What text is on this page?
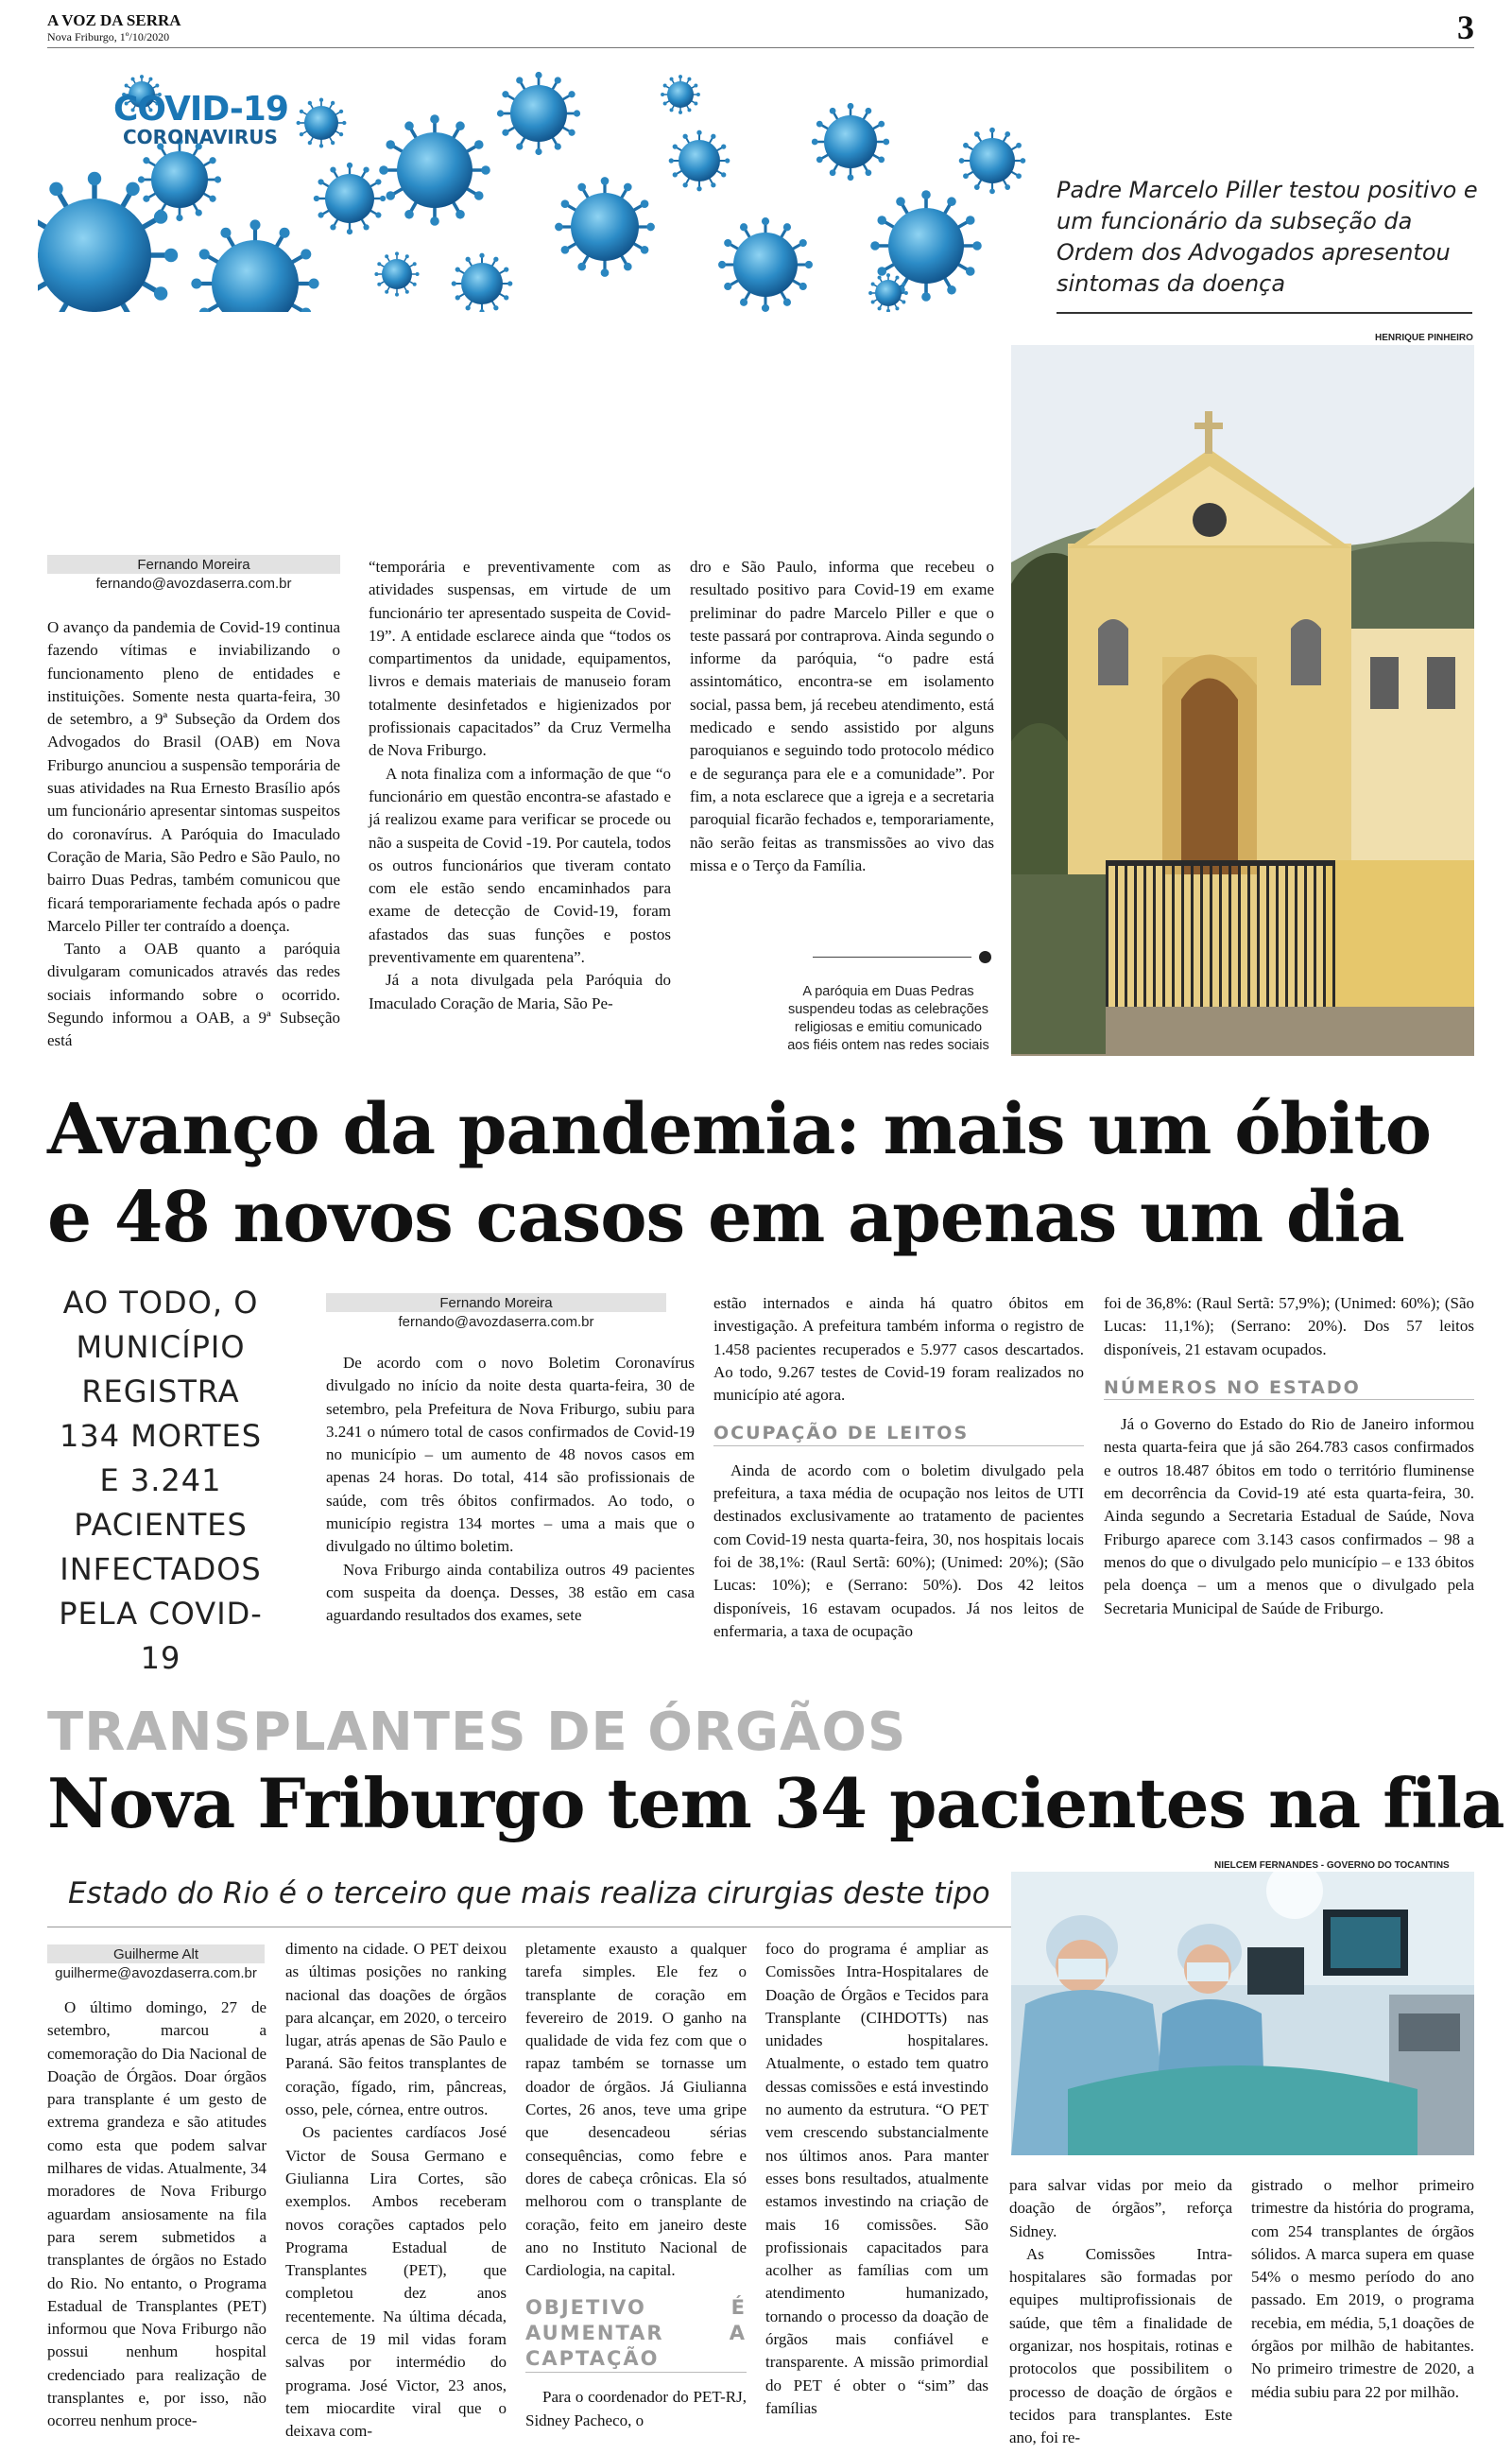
A VOZ DA SERRA
Nova Friburgo, 1º/10/2020	3
COVID-19
CORONAVIRUS
Padre Marcelo Piller testou positivo e um funcionário da subseção da Ordem dos Advogados apresentou sintomas da doença
HENRIQUE PINHEIRO
Fernando Moreira
fernando@avozdaserra.com.br

O avanço da pandemia de Covid-19 continua fazendo vítimas e inviabilizando o funcionamento pleno de entidades e instituições. Somente nesta quarta-feira, 30 de setembro, a 9ª Subseção da Ordem dos Advogados do Brasil (OAB) em Nova Friburgo anunciou a suspensão temporária de suas atividades na Rua Ernesto Brasílio após um funcionário apresentar sintomas suspeitos do coronavírus. A Paróquia do Imaculado Coração de Maria, São Pedro e São Paulo, no bairro Duas Pedras, também comunicou que ficará temporariamente fechada após o padre Marcelo Piller ter contraído a doença.

Tanto a OAB quanto a paróquia divulgaram comunicados através das redes sociais informando sobre o ocorrido. Segundo informou a OAB, a 9ª Subseção está

“temporária e preventivamente com as atividades suspensas, em virtude de um funcionário ter apresentado suspeita de Covid-19”. A entidade esclarece ainda que “todos os compartimentos da unidade, equipamentos, livros e demais materiais de manuseio foram totalmente desinfetados e higienizados por profissionais capacitados” da Cruz Vermelha de Nova Friburgo.

A nota finaliza com a informação de que “o funcionário em questão encontra-se afastado e já realizou exame para verificar se procede ou não a suspeita de Covid -19. Por cautela, todos os outros funcionários que tiveram contato com ele estão sendo encaminhados para exame de detecção de Covid-19, foram afastados das suas funções e postos preventivamente em quarentena”.

Já a nota divulgada pela Paróquia do Imaculado Coração de Maria, São Pe-

dro e São Paulo, informa que recebeu o resultado positivo para Covid-19 em exame preliminar do padre Marcelo Piller e que o teste passará por contraprova. Ainda segundo o informe da paróquia, “o padre está assintomático, encontra-se em isolamento social, passa bem, já recebeu atendimento, está medicado e sendo assistido por alguns paroquianos e seguindo todo protocolo médico e de segurança para ele e a comunidade”. Por fim, a nota esclarece que a igreja e a secretaria paroquial ficarão fechados e, temporariamente, não serão feitas as transmissões ao vivo das missa e o Terço da Família.

A paróquia em Duas Pedras suspendeu todas as celebrações religiosas e emitiu comunicado aos fiéis ontem nas redes sociais
Avanço da pandemia: mais um óbito
e 48 novos casos em apenas um dia
AO TODO, O MUNICÍPIO REGISTRA 134 MORTES E 3.241 PACIENTES INFECTADOS PELA COVID-19
Fernando Moreira
fernando@avozdaserra.com.br

De acordo com o novo Boletim Coronavírus divulgado no início da noite desta quarta-feira, 30 de setembro, pela Prefeitura de Nova Friburgo, subiu para 3.241 o número total de casos confirmados de Covid-19 no município – um aumento de 48 novos casos em apenas 24 horas. Do total, 414 são profissionais de saúde, com três óbitos confirmados. Ao todo, o município registra 134 mortes – uma a mais que o divulgado no último boletim.

Nova Friburgo ainda contabiliza outros 49 pacientes com suspeita da doença. Desses, 38 estão em casa aguardando resultados dos exames, sete

estão internados e ainda há quatro óbitos em investigação. A prefeitura também informa o registro de 1.458 pacientes recuperados e 5.977 casos descartados. Ao todo, 9.267 testes de Covid-19 foram realizados no município até agora.

OCUPAÇÃO DE LEITOS

Ainda de acordo com o boletim divulgado pela prefeitura, a taxa média de ocupação nos leitos de UTI destinados exclusivamente ao tratamento de pacientes com Covid-19 nesta quarta-feira, 30, nos hospitais locais foi de 38,1%: (Raul Sertã: 60%); (Unimed: 20%); (São Lucas: 10%); e (Serrano: 50%). Dos 42 leitos disponíveis, 16 estavam ocupados. Já nos leitos de enfermaria, a taxa de ocupação

foi de 36,8%: (Raul Sertã: 57,9%); (Unimed: 60%); (São Lucas: 11,1%); (Serrano: 20%). Dos 57 leitos disponíveis, 21 estavam ocupados.

NÚMEROS NO ESTADO

Já o Governo do Estado do Rio de Janeiro informou nesta quarta-feira que já são 264.783 casos confirmados e outros 18.487 óbitos em todo o território fluminense em decorrência da Covid-19 até esta quarta-feira, 30. Ainda segundo a Secretaria Estadual de Saúde, Nova Friburgo aparece com 3.143 casos confirmados – 98 a menos do que o divulgado pelo município – e 133 óbitos pela doença – um a menos que o divulgado pela Secretaria Municipal de Saúde de Friburgo.

TRANSPLANTES DE ÓRGÃOS
Nova Friburgo tem 34 pacientes na fila
Estado do Rio é o terceiro que mais realiza cirurgias deste tipo
NIELCEM FERNANDES - GOVERNO DO TOCANTINS
Guilherme Alt
guilherme@avozdaserra.com.br

O último domingo, 27 de setembro, marcou a comemoração do Dia Nacional de Doação de Órgãos. Doar órgãos para transplante é um gesto de extrema grandeza e são atitudes como esta que podem salvar milhares de vidas. Atualmente, 34 moradores de Nova Friburgo aguardam ansiosamente na fila para serem submetidos a transplantes de órgãos no Estado do Rio. No entanto, o Programa Estadual de Transplantes (PET) informou que Nova Friburgo não possui nenhum hospital credenciado para realização de transplantes e, por isso, não ocorreu nenhum proce-

dimento na cidade. O PET deixou as últimas posições no ranking nacional das doações de órgãos para alcançar, em 2020, o terceiro lugar, atrás apenas de São Paulo e Paraná. São feitos transplantes de coração, fígado, rim, pâncreas, osso, pele, córnea, entre outros.

Os pacientes cardíacos José Victor de Sousa Germano e Giulianna Lira Cortes, são exemplos. Ambos receberam novos corações captados pelo Programa Estadual de Transplantes (PET), que completou dez anos recentemente. Na última década, cerca de 19 mil vidas foram salvas por intermédio do programa. José Victor, 23 anos, tem miocardite viral que o deixava com-

pletamente exausto a qualquer tarefa simples. Ele fez o transplante de coração em fevereiro de 2019. O ganho na qualidade de vida fez com que o rapaz também se tornasse um doador de órgãos. Já Giulianna Cortes, 26 anos, teve uma gripe que desencadeou sérias consequências, como febre e dores de cabeça crônicas. Ela só melhorou com o transplante de coração, feito em janeiro deste ano no Instituto Nacional de Cardiologia, na capital.

OBJETIVO É AUMENTAR A CAPTAÇÃO

Para o coordenador do PET-RJ, Sidney Pacheco, o

foco do programa é ampliar as Comissões Intra-Hospitalares de Doação de Órgãos e Tecidos para Transplante (CIHDOTTs) nas unidades hospitalares. Atualmente, o estado tem quatro dessas comissões e está investindo no aumento da estrutura. “O PET vem crescendo substancialmente nos últimos anos. Para manter esses bons resultados, atualmente estamos investindo na criação de mais 16 comissões. São profissionais capacitados para acolher as famílias com um atendimento humanizado, tornando o processo da doação de órgãos mais confiável e transparente. A missão primordial do PET é obter o “sim” das famílias

para salvar vidas por meio da doação de órgãos”, reforça Sidney.

As Comissões Intra-hospitalares são formadas por equipes multiprofissionais de saúde, que têm a finalidade de organizar, nos hospitais, rotinas e protocolos que possibilitem o processo de doação de órgãos e tecidos para transplantes. Este ano, foi re-

gistrado o melhor primeiro trimestre da história do programa, com 254 transplantes de órgãos sólidos. A marca supera em quase 54% o mesmo período do ano passado. Em 2019, o programa recebia, em média, 5,1 doações de órgãos por milhão de habitantes. No primeiro trimestre de 2020, a média subiu para 22 por milhão.
